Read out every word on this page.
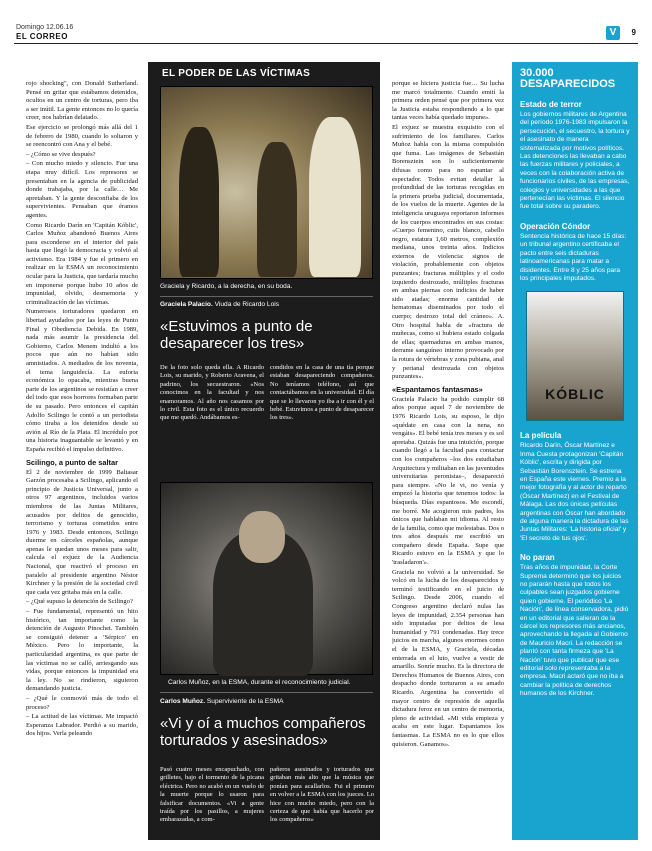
Domingo 12.06.16
EL CORREO	V	9

rojo shocking", con Donald Sutherland. Pensé en gritar que estábamos detenidos, ocultos en un centro de torturas, pero iba a ser inútil. La gente entonces no lo quería creer, nos habrían delatado.

Ese ejercicio se prolongó más allá del 1 de febrero de 1980, cuando lo soltaron y se reencontró con Ana y el bebé.

– ¿Cómo se vive después?

– Con mucho miedo y silencio. Fue una etapa muy difícil. Los represores se presentaban en la agencia de publicidad donde trabajaba, por la calle… Me apretaban. Y la gente desconfiaba de los supervivientes. Pensaban que éramos agentes.

Como Ricardo Darín en 'Capitán Kóblic', Carlos Muñoz abandonó Buenos Aires para esconderse en el interior del país hasta que llegó la democracia y volvió al activismo. Era 1984 y fue el primero en realizar en la ESMA un reconocimiento ocular para la Justicia, que tardaría mucho en imponerse porque hubo 10 años de impunidad, olvido, desmemoria y criminalización de las víctimas.

Numerosos torturadores quedaron en libertad ayudados por las leyes de Punto Final y Obediencia Debida. En 1989, nada más asumir la presidencia del Gobierno, Carlos Menem indultó a los pocos que aún no habían sido amnistiados. A mediados de los noventa, el tema languidecía. La euforia económica lo opacaba, mientras buena parte de los argentinos se resistían a creer del todo que esos horrores formaban parte de su pasado. Pero entonces el capitán Adolfo Scilingo le contó a un periodista cómo tiraba a los detenidos desde su avión al Río de la Plata. El incrédulo por una historia inaguantable se levantó y en España recibió el impulso definitivo.

Scilingo, a punto de saltar

El 2 de noviembre de 1999 Baltasar Garzón procesaba a Scilingo, aplicando el principio de Justicia Universal, junto a otros 97 argentinos, incluidos varios miembros de las Juntas Militares, acusados por delitos de genocidio, terrorismo y torturas cometidos entre 1976 y 1983. Desde entonces, Scilingo duerme en cárceles españolas, aunque apenas le quedan unos meses para salir, calcula el exjuez de la Audiencia Nacional, que reactivó el proceso en paralelo al presidente argentino Néstor Kirchner y la presión de la sociedad civil que cada vez gritaba más en la calle.

– ¿Qué supuso la detención de Scilingo?

– Fue fundamental, representó un hito histórico, tan importante como la detención de Augusto Pinochet. También se consiguió detener a 'Sérpico' en México. Pero lo importante, la particularidad argentina, es que parte de las víctimas no se calló, arriesgando sus vidas, porque entonces la impunidad era la ley. No se rindieron, siguieron demandando justicia.

– ¿Qué le conmovió más de todo el proceso?

– La actitud de las víctimas. Me impactó Esperanza Labrador. Perdió a su marido, dos hijos. Verla peleando

EL PODER DE LAS VÍCTIMAS
Graciela y Ricardo, a la derecha, en su boda.
Graciela Palacio. Viuda de Ricardo Lois
«Estuvimos a punto de desaparecer los tres»
De la foto solo queda ella. A Ricardo Lois, su marido, y Roberto Aravena, el padrino, los secuestraron. «Nos conocimos en la facultad y nos enamoramos. Al año nos casamos por lo civil. Esta foto es el único recuerdo que me quedó. Andábamos es-
condidos en la casa de una tía porque estaban desapareciendo compañeros. No teníamos teléfono, así que contactábamos en la universidad. El día que se lo llevaron yo iba a ir con él y el bebé. Estuvimos a punto de desaparecer los tres».
Carlos Muñoz, en la ESMA, durante el reconocimiento judicial.
Carlos Muñoz. Superviviente de la ESMA
«Vi y oí a muchos compañeros torturados y asesinados»
Pasó cuatro meses encapuchado, con grilletes, bajo el tormento de la picana eléctrica. Pero no acabó en un vuelo de la muerte porque lo usaron para falsificar documentos. «Vi a gente traída por los pasillos, a mujeres embarazadas, a com-
pañeros asesinados y torturados que gritaban más alto que la música que ponían para acallarlos. Fui el primero en volver a la ESMA con los jueces. Lo hice con mucho miedo, pero con la certeza de que había que hacerlo por los compañeros»

porque se hiciera justicia fue… Su lucha me marcó totalmente. Cuando emití la primera orden pensé que por primera vez la Justicia estaba respondiendo a lo que tantas veces había quedado impune».

El exjuez se muestra exquisito con el sufrimiento de los familiares. Carlos Muñoz habla con la misma compulsión que fuma. Las imágenes de Sebastián Borensztein son lo suficientemente difusas como para no espantar al espectador. Todos evitan detallar la profundidad de las torturas recogidas en la primera prueba judicial, documentada, de los vuelos de la muerte. Agentes de la inteligencia uruguaya reportaron informes de los cuerpos encontrados en sus costas: «Cuerpo femenino, cutis blanco, cabello negro, estatura 1,60 metros, complexión mediana, unos treinta años. Indicios externos de violencia: signos de violación, probablemente con objetos punzantes; fracturas múltiples y el codo izquierdo destrozado, múltiples fracturas en ambas piernas con indicios de haber sido atadas; enorme cantidad de hematomas diseminados por todo el cuerpo; destrozo total del cráneo». A. Otro hospital habla de «fractura de muñecas, como si hubiera estado colgada de ellas; quemaduras en ambas manos, derrame sanguíneo interno provocado por la rotura de vértebras y zona pubiana, anal y perianal destrozada con objetos punzantes».

«Espantamos fantasmas»

Graciela Palacio ha podido cumplir 68 años porque aquel 7 de noviembre de 1976 Ricardo Lois, su esposo, le dijo «quédate en casa con la nena, no vengáis». El bebé tenía tres meses y es sol apretaba. Quizás fue una intuición, porque cuando llegó a la facultad para contactar con los compañeros –los dos estudiaban Arquitectura y militaban en las juventudes universitarias peronistas–, desapareció para siempre. «No le vi, no venía y empezó la historia que tenemos todos: la búsqueda. Días espantosos. Me escondí, me borré. Me acogieron mis padres, los únicos que hablaban mi idioma. Al resto de la familia, como que molestabas. Dos o tres años después me escribió un compañero desde España. Supe que Ricardo estuvo en la ESMA y que lo 'trasladaron'».

Graciela no volvió a la universidad. Se volcó en la lucha de los desaparecidos y terminó testificando en el juicio de Scilingo. Desde 2006, cuando el Congreso argentino declaró nulas las leyes de impunidad, 2.354 personas han sido imputadas por delitos de lesa humanidad y 791 condenadas. Hay trece juicios en marcha, algunos enormes como el de la ESMA, y Graciela, décadas enterrada en el luto, vuelve a vestir de amarillo. Sonríe mucho. Es la directora de Derechos Humanos de Buenos Aires, con despacho donde torturaron a su amado Ricardo. Argentina ha convertido el mayor centro de represión de aquella dictadura feroz en un centro de memoria, pleno de actividad. «Mi vida empieza y acaba en este lugar. Espantamos los fantasmas. La ESMA no es lo que ellos quisieron. Ganamos».

30.000 DESAPARECIDOS
Estado de terror
Los gobiernos militares de Argentina del período 1976-1983 impulsaron la persecución, el secuestro, la tortura y el asesinato de manera sistematizada por motivos políticos. Las detenciones las llevaban a cabo las fuerzas militares y policiales, a veces con la colaboración activa de funcionarios civiles, de las empresas, colegios y universidades a las que pertenecían las víctimas. El silencio fue total sobre su paradero.
Operación Cóndor
Sentencia histórica de hace 15 días: un tribunal argentino certificaba el pacto entre seis dictaduras latinoamericanas para matar a disidentes. Entre 8 y 25 años para los principales imputados.
KÓBLIC
La película
Ricardo Darín, Óscar Martínez e Inma Cuesta protagonizan 'Capitán Kóblic', escrita y dirigida por Sebastián Borensztein. Se estrena en España este viernes. Premio a la mejor fotografía y al actor de reparto (Óscar Martínez) en el Festival de Málaga. Las dos únicas películas argentinas con Óscar han abordado de alguna manera la dictadura de las Juntas Militares: 'La historia oficial' y 'El secreto de tus ojos'.
No paran
Tras años de impunidad, la Corte Suprema determinó que los juicios no pararán hasta que todos los culpables sean juzgados gobierne quien gobierne. El periódico 'La Nación', de línea conservadora, pidió en un editorial que salieran de la cárcel los represores más ancianos, aprovechando la llegada al Gobierno de Mauricio Macri. La redacción se plantó con tanta firmeza que 'La Nación' tuvo que publicar que ese editorial solo representaba a la empresa. Macri aclaró que no iba a cambiar la política de derechos humanos de los Kirchner.
